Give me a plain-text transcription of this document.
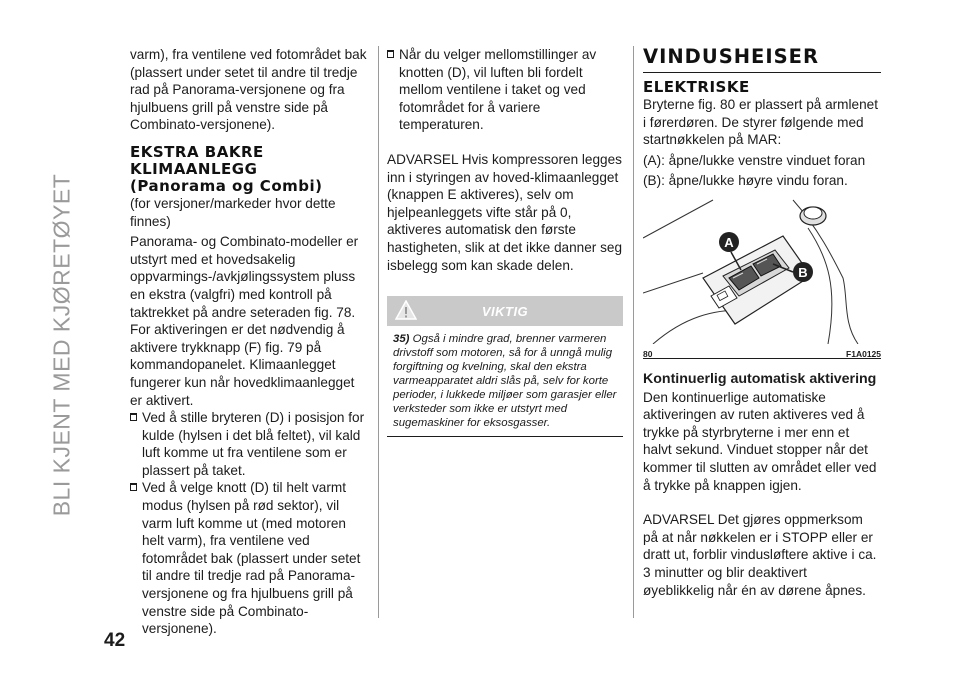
BLI KJENT MED KJØRETØYET
42

varm), fra ventilene ved fotområdet bak (plassert under setet til andre til tredje rad på Panorama-versjonene og fra hjulbuens grill på venstre side på Combinato-versjonene).

EKSTRA BAKRE
KLIMAANLEGG
(Panorama og Combi)

(for versjoner/markeder hvor dette finnes)

Panorama- og Combinato-modeller er utstyrt med et hovedsakelig oppvarmings-/avkjølingssystem pluss en ekstra (valgfri) med kontroll på taktrekket på andre seteraden fig. 78. For aktiveringen er det nødvendig å aktivere trykknapp (F) fig. 79 på kommandopanelet. Klimaanlegget fungerer kun når hovedklimaanlegget er aktivert.

Ved å stille bryteren (D) i posisjon for kulde (hylsen i det blå feltet), vil kald luft komme ut fra ventilene som er plassert på taket.

Ved å velge knott (D) til helt varmt modus (hylsen på rød sektor), vil varm luft komme ut (med motoren helt varm), fra ventilene ved fotområdet bak (plassert under setet til andre til tredje rad på Panorama-versjonene og fra hjulbuens grill på venstre side på Combinato-versjonene).

Når du velger mellomstillinger av knotten (D), vil luften bli fordelt mellom ventilene i taket og ved fotområdet for å variere temperaturen.

ADVARSEL Hvis kompressoren legges inn i styringen av hoved-klimaanlegget (knappen E aktiveres), selv om hjelpeanleggets vifte står på 0, aktiveres automatisk den første hastigheten, slik at det ikke danner seg isbelegg som kan skade delen.

VIKTIG
35) Også i mindre grad, brenner varmeren drivstoff som motoren, så for å unngå mulig forgiftning og kvelning, skal den ekstra varmeapparatet aldri slås på, selv for korte perioder, i lukkede miljøer som garasjer eller verksteder som ikke er utstyrt med sugemaskiner for eksosgasser.
VINDUSHEISER
ELEKTRISKE

Bryterne fig. 80 er plassert på armlenet i førerdøren. De styrer følgende med startnøkkelen på MAR:

(A): åpne/lukke venstre vinduet foran

(B): åpne/lukke høyre vindu foran.

A
B
80	F1A0125
Kontinuerlig automatisk aktivering

Den kontinuerlige automatiske aktiveringen av ruten aktiveres ved å trykke på styrbryterne i mer enn et halvt sekund. Vinduet stopper når det kommer til slutten av området eller ved å trykke på knappen igjen.

ADVARSEL Det gjøres oppmerksom på at når nøkkelen er i STOPP eller er dratt ut, forblir vindusløftere aktive i ca. 3 minutter og blir deaktivert øyeblikkelig når én av dørene åpnes.
